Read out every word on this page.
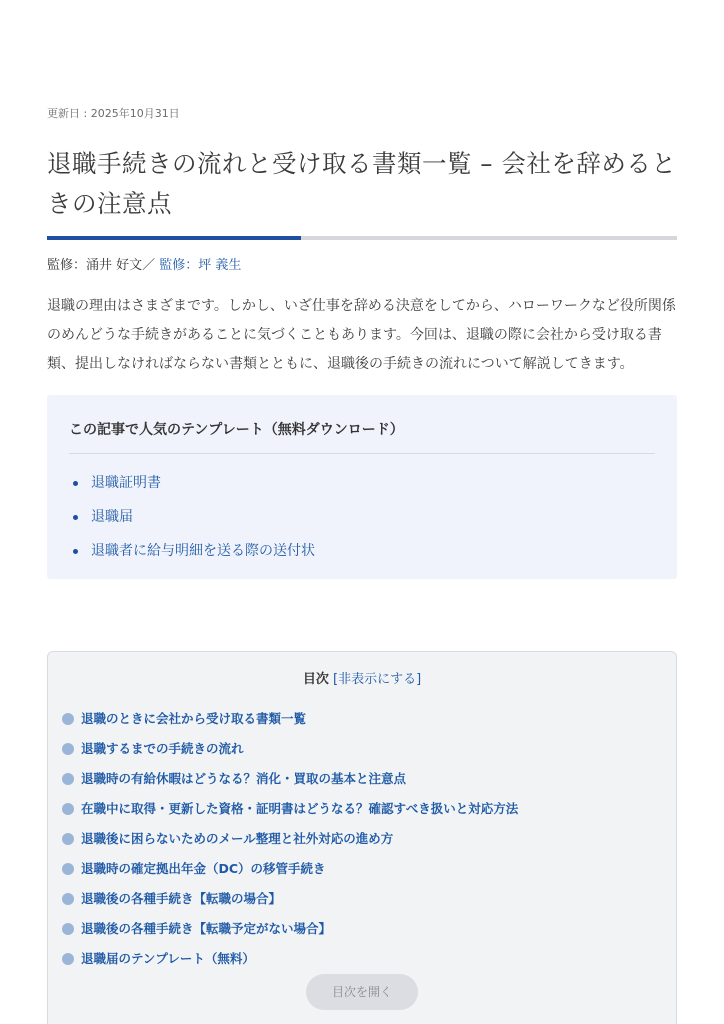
更新日 : 2025年10月31日

退職手続きの流れと受け取る書類一覧 – 会社を辞めるときの注意点
監修：涌井 好文／ 監修：坪 義生
退職の理由はさまざまです。しかし、いざ仕事を辞める決意をしてから、ハローワークなど役所関係のめんどうな手続きがあることに気づくこともあります。今回は、退職の際に会社から受け取る書類、提出しなければならない書類とともに、退職後の手続きの流れについて解説してきます。
この記事で人気のテンプレート（無料ダウンロード）
退職証明書
退職届
退職者に給与明細を送る際の送付状
目次 [非表示にする]
退職のときに会社から受け取る書類一覧
退職するまでの手続きの流れ
退職時の有給休暇はどうなる？消化・買取の基本と注意点
在職中に取得・更新した資格・証明書はどうなる？確認すべき扱いと対応方法
退職後に困らないためのメール整理と社外対応の進め方
退職時の確定拠出年金（DC）の移管手続き
退職後の各種手続き【転職の場合】
退職後の各種手続き【転職予定がない場合】
退職届のテンプレート（無料）
目次を開く
